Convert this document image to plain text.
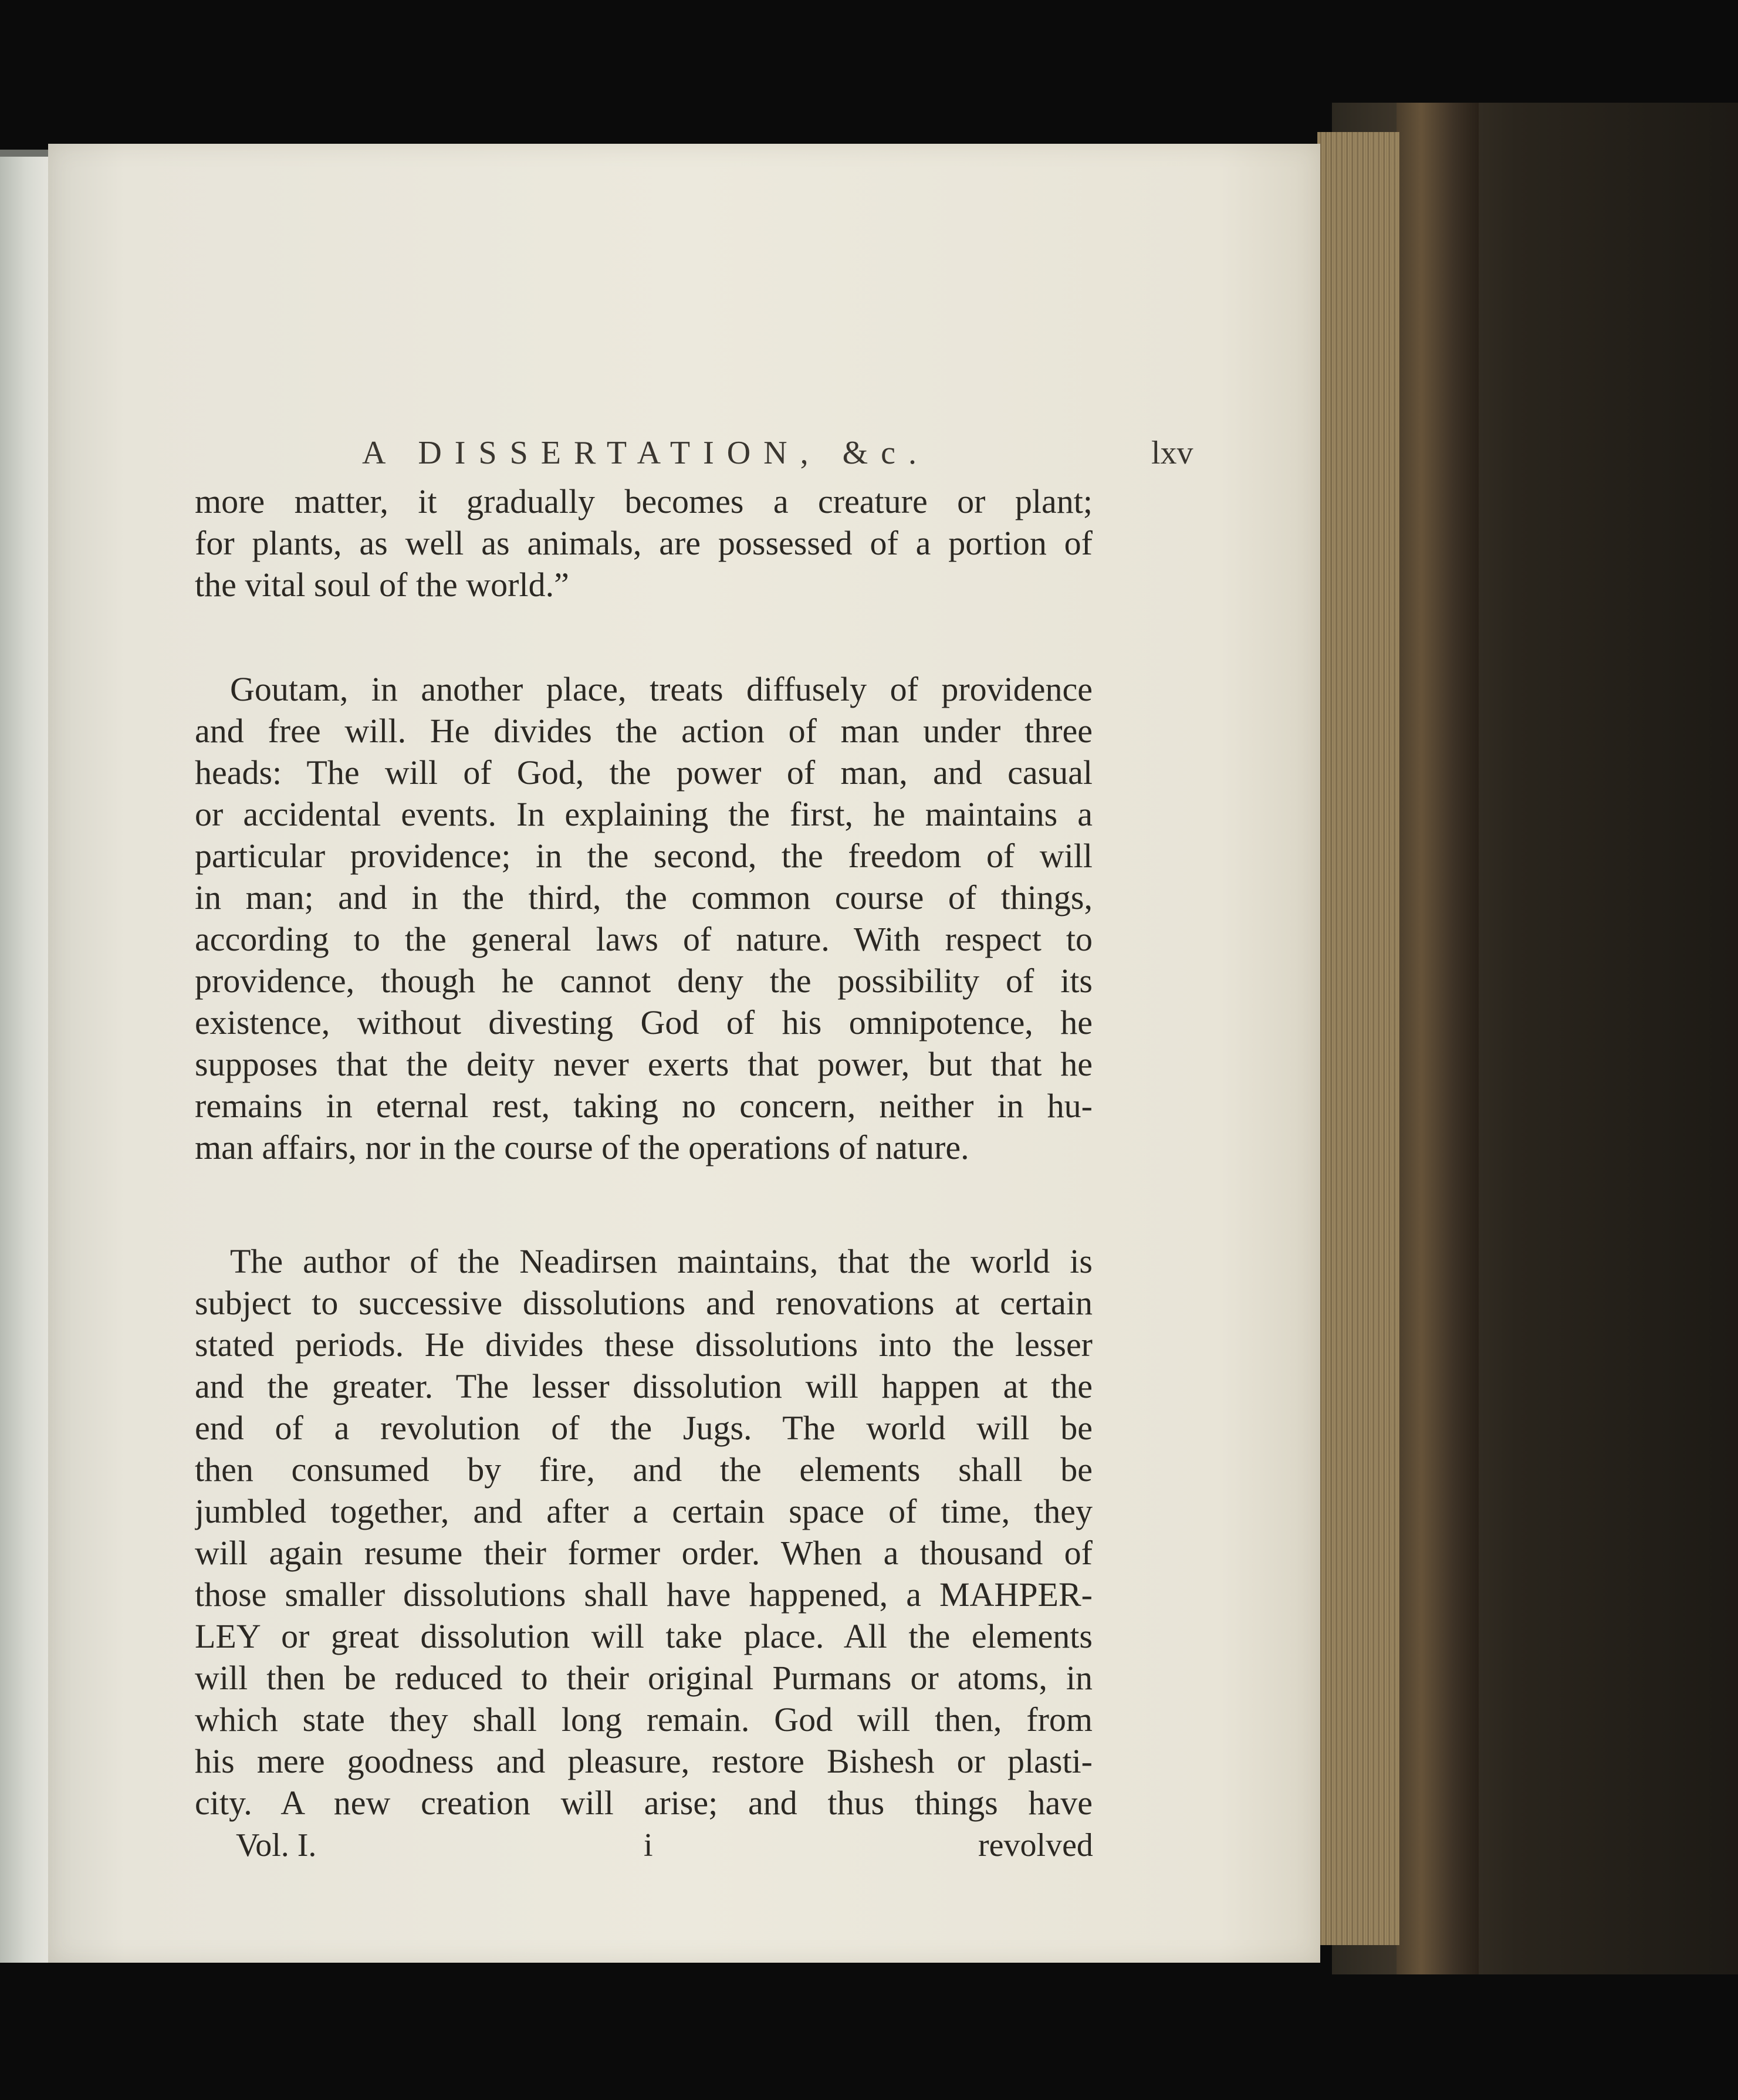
A DISSERTATION, &c.	lxv
more matter, it gradually becomes a creature or plant;
for plants, as well as animals, are possessed of a portion of
the vital soul of the world.”
Goutam, in another place, treats diffusely of providence
and free will. He divides the action of man under three
heads: The will of God, the power of man, and casual
or accidental events. In explaining the first, he maintains a
particular providence; in the second, the freedom of will
in man; and in the third, the common course of things,
according to the general laws of nature. With respect to
providence, though he cannot deny the possibility of its
existence, without divesting God of his omnipotence, he
supposes that the deity never exerts that power, but that he
remains in eternal rest, taking no concern, neither in hu-
man affairs, nor in the course of the operations of nature.
The author of the Neadirsen maintains, that the world is
subject to successive dissolutions and renovations at certain
stated periods. He divides these dissolutions into the lesser
and the greater. The lesser dissolution will happen at the
end of a revolution of the Jugs. The world will be
then consumed by fire, and the elements shall be
jumbled together, and after a certain space of time, they
will again resume their former order. When a thousand of
those smaller dissolutions shall have happened, a MAHPER-
LEY or great dissolution will take place. All the elements
will then be reduced to their original Purmans or atoms, in
which state they shall long remain. God will then, from
his mere goodness and pleasure, restore Bishesh or plasti-
city. A new creation will arise; and thus things have
Vol. I.	i	revolved
